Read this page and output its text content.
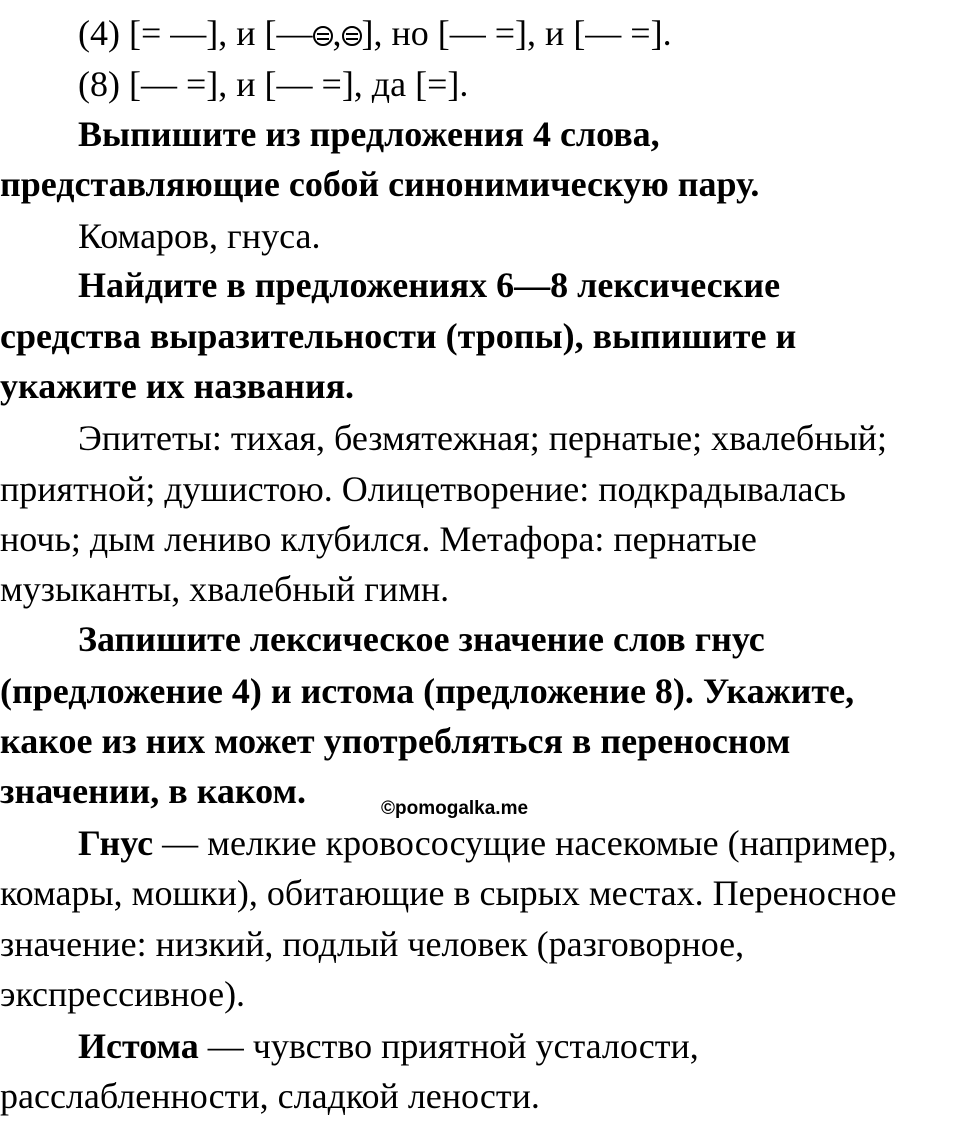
(4) [= —], и [— , ], но [— =], и [— =].
(8) [— =], и [— =], да [=].
Выпишите из предложения 4 слова,
представляющие собой синонимическую пару.
Комаров, гнуса.
Найдите в предложениях 6—8 лексические
средства выразительности (тропы), выпишите и
укажите их названия.
Эпитеты: тихая, безмятежная; пернатые; хвалебный;
приятной; душистою. Олицетворение: подкрадывалась
ночь; дым лениво клубился. Метафора: пернатые
музыканты, хвалебный гимн.
Запишите лексическое значение слов гнус
(предложение 4) и истома (предложение 8). Укажите,
какое из них может употребляться в переносном
значении, в каком.	©pomogalka.me
Гнус — мелкие кровососущие насекомые (например,
комары, мошки), обитающие в сырых местах. Переносное
значение: низкий, подлый человек (разговорное,
экспрессивное).
Истома — чувство приятной усталости,
расслабленности, сладкой лености.
